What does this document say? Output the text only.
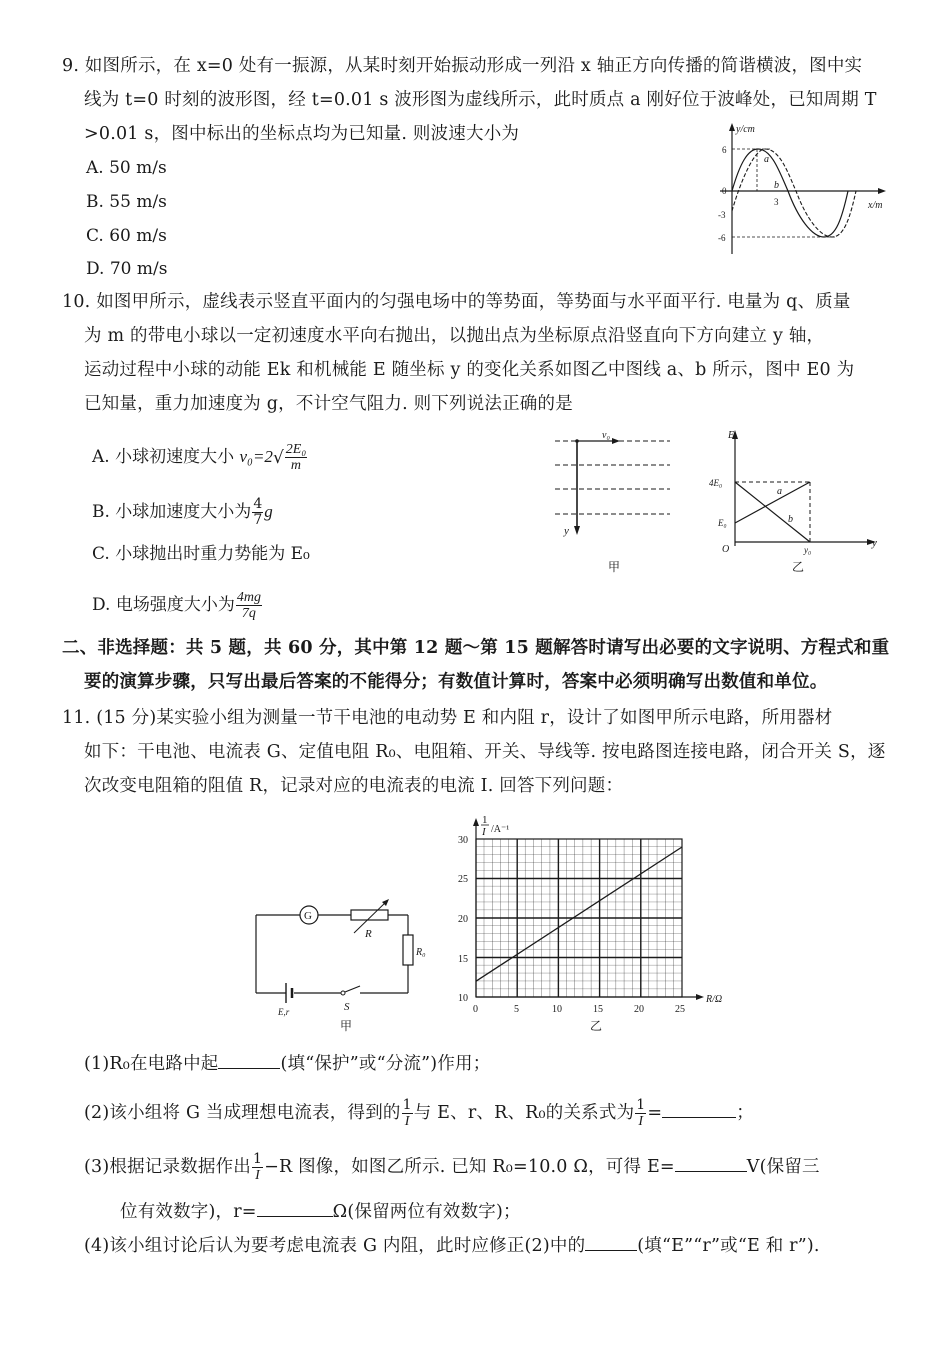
9. 如图所示，在 x=0 处有一振源，从某时刻开始振动形成一列沿 x 轴正方向传播的简谐横波，图中实
线为 t=0 时刻的波形图，经 t=0.01 s 波形图为虚线所示，此时质点 a 刚好位于波峰处，已知周期 T
>0.01 s，图中标出的坐标点均为已知量. 则波速大小为
A. 50 m/s
B. 55 m/s
C. 60 m/s
D. 70 m/s
y/cm
x/m
6
0
-3
-6
3
a
b
10. 如图甲所示，虚线表示竖直平面内的匀强电场中的等势面，等势面与水平面平行. 电量为 q、质量
为 m 的带电小球以一定初速度水平向右抛出，以抛出点为坐标原点沿竖直向下方向建立 y 轴，
运动过程中小球的动能 Ek 和机械能 E 随坐标 y 的变化关系如图乙中图线 a、b 所示，图中 E0 为
已知量，重力加速度为 g，不计空气阻力. 则下列说法正确的是
A. 小球初速度大小 $v_0=2√ \frac{\text{2E₀}}{m}$
B. 小球加速度大小为 $\frac{4}{7}$ g
C. 小球抛出时重力势能为 E₀
D. 电场强度大小为 $\frac{4mg}{7q}$
v₀
y
甲
E
y
4E₀
E₀
O	y₀
a
b
乙
二、非选择题：共 5 题，共 60 分，其中第 12 题～第 15 题解答时请写出必要的文字说明、方程式和重
要的演算步骤，只写出最后答案的不能得分；有数值计算时，答案中必须明确写出数值和单位。
11. (15 分)某实验小组为测量一节干电池的电动势 E 和内阻 r，设计了如图甲所示电路，所用器材
如下：干电池、电流表 G、定值电阻 R₀、电阻箱、开关、导线等. 按电路图连接电路，闭合开关 S，逐
次改变电阻箱的阻值 R，记录对应的电流表的电流 I. 回答下列问题：
G
R
R₀
E,r	S
甲
1
I /A⁻¹
30
25
20
15
10
0	5	10	15	20	25
R/Ω
乙
(1)R₀在电路中起	(填“保护”或“分流”)作用；
(2)该小组将 G 当成理想电流表，得到的 $\frac{1}{I}$ 与 E、r、R、R₀的关系式为 $\frac{1}{I}$ =	；
(3)根据记录数据作出 $\frac{1}{I} -R$ 图像，如图乙所示. 已知 R₀=10.0 Ω，可得 E=	V(保留三
位有效数字)，r=	Ω(保留两位有效数字)；
(4)该小组讨论后认为要考虑电流表 G 内阻，此时应修正(2)中的	(填“E”“r”或“E 和 r”).
